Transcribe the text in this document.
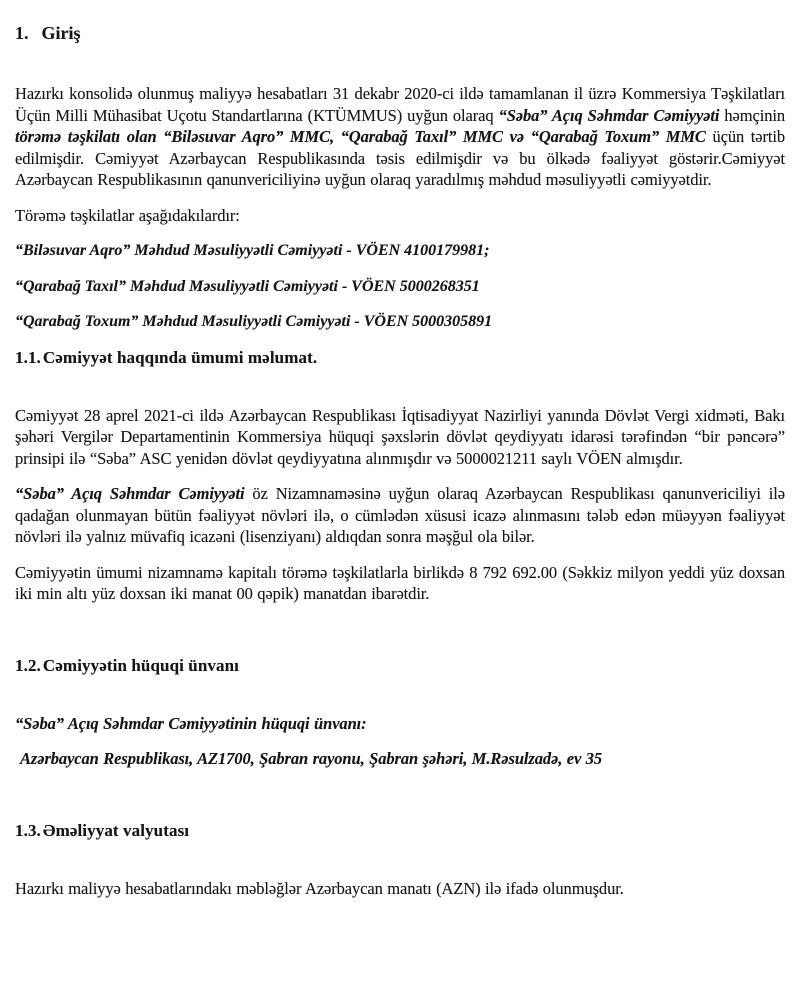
1. Giriş

Hazırkı konsolidə olunmuş maliyyə hesabatları 31 dekabr 2020-ci ildə tamamlanan il üzrə Kommersiya Təşkilatları Üçün Milli Mühasibat Uçotu Standartlarına (KTÜMMUS) uyğun olaraq “Səba” Açıq Səhmdar Cəmiyyəti həmçinin törəmə təşkilatı olan “Biləsuvar Aqro” MMC, “Qarabağ Taxıl” MMC və “Qarabağ Toxum” MMC üçün tərtib edilmişdir. Cəmiyyət Azərbaycan Respublikasında təsis edilmişdir və bu ölkədə fəaliyyət göstərir.Cəmiyyət Azərbaycan Respublikasının qanunvericiliyinə uyğun olaraq yaradılmış məhdud məsuliyyətli cəmiyyətdir.

Törəmə təşkilatlar aşağıdakılardır:

“Biləsuvar Aqro” Məhdud Məsuliyyətli Cəmiyyəti - VÖEN 4100179981;

“Qarabağ Taxıl” Məhdud Məsuliyyətli Cəmiyyəti - VÖEN 5000268351

“Qarabağ Toxum” Məhdud Məsuliyyətli Cəmiyyəti - VÖEN 5000305891

1.1. Cəmiyyət haqqında ümumi məlumat.

Cəmiyyət 28 aprel 2021-ci ildə Azərbaycan Respublikası İqtisadiyyat Nazirliyi yanında Dövlət Vergi xidməti, Bakı şəhəri Vergilər Departamentinin Kommersiya hüquqi şəxslərin dövlət qeydiyyatı idarəsi tərəfindən “bir pəncərə” prinsipi ilə “Səba” ASC yenidən dövlət qeydiyyatına alınmışdır və 5000021211 saylı VÖEN almışdır.

“Səba” Açıq Səhmdar Cəmiyyəti öz Nizamnaməsinə uyğun olaraq Azərbaycan Respublikası qanunvericiliyi ilə qadağan olunmayan bütün fəaliyyət növləri ilə, o cümlədən xüsusi icazə alınmasını tələb edən müəyyən fəaliyyət növləri ilə yalnız müvafiq icazəni (lisenziyanı) aldıqdan sonra məşğul ola bilər.

Cəmiyyətin ümumi nizamnamə kapitalı törəmə təşkilatlarla birlikdə 8 792 692.00 (Səkkiz milyon yeddi yüz doxsan iki min altı yüz doxsan iki manat 00 qəpik) manatdan ibarətdir.

1.2. Cəmiyyətin hüquqi ünvanı

“Səba” Açıq Səhmdar Cəmiyyətinin hüquqi ünvanı:

Azərbaycan Respublikası, AZ1700, Şabran rayonu, Şabran şəhəri, M.Rəsulzadə, ev 35

1.3. Əməliyyat valyutası

Hazırkı maliyyə hesabatlarındakı məbləğlər Azərbaycan manatı (AZN) ilə ifadə olunmuşdur.
